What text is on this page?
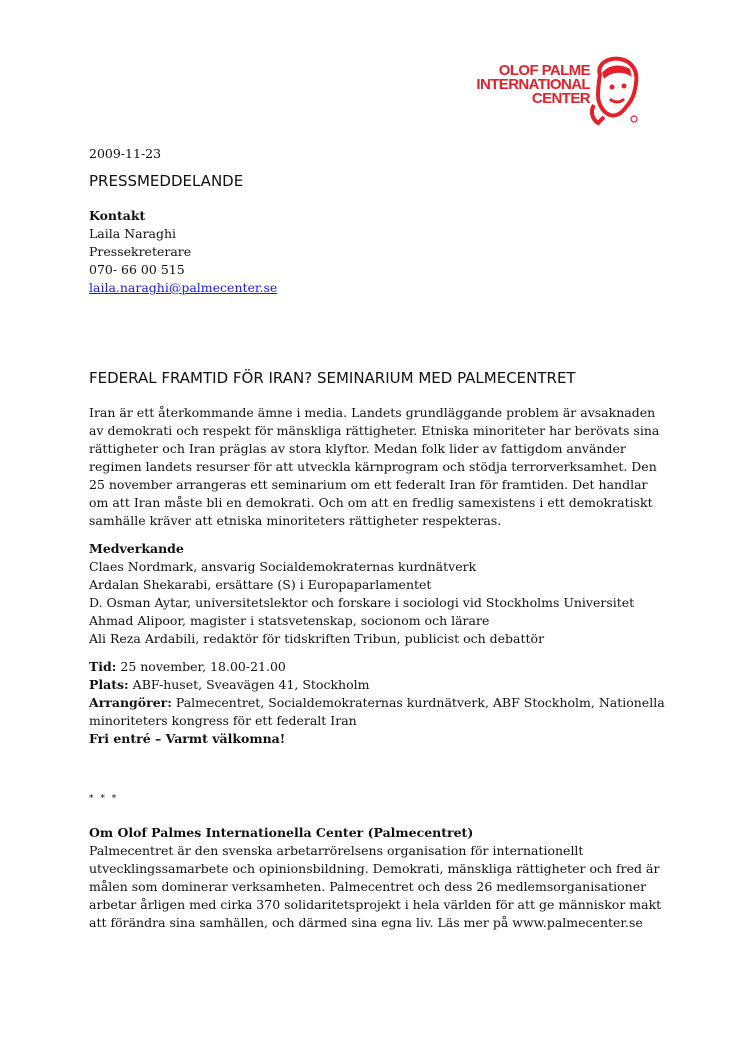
OLOF PALME
INTERNATIONAL
CENTER
2009-11-23
PRESSMEDDELANDE
Kontakt
Laila Naraghi
Pressekreterare
070- 66 00 515
laila.naraghi@palmecenter.se
FEDERAL FRAMTID FÖR IRAN? SEMINARIUM MED PALMECENTRET

Iran är ett återkommande ämne i media. Landets grundläggande problem är avsaknaden av demokrati och respekt för mänskliga rättigheter. Etniska minoriteter har berövats sina rättigheter och Iran präglas av stora klyftor. Medan folk lider av fattigdom använder regimen landets resurser för att utveckla kärnprogram och stödja terrorverksamhet. Den 25 november arrangeras ett seminarium om ett federalt Iran för framtiden. Det handlar om att Iran måste bli en demokrati. Och om att en fredlig samexistens i ett demokratiskt samhälle kräver att etniska minoriteters rättigheter respekteras.

Medverkande
Claes Nordmark, ansvarig Socialdemokraternas kurdnätverk
Ardalan Shekarabi, ersättare (S) i Europaparlamentet
D. Osman Aytar, universitetslektor och forskare i sociologi vid Stockholms Universitet
Ahmad Alipoor, magister i statsvetenskap, socionom och lärare
Ali Reza Ardabili, redaktör för tidskriften Tribun, publicist och debattör
Tid: 25 november, 18.00-21.00
Plats: ABF-huset, Sveavägen 41, Stockholm
Arrangörer: Palmecentret, Socialdemokraternas kurdnätverk, ABF Stockholm, Nationella minoriteters kongress för ett federalt Iran
Fri entré – Varmt välkomna!
* * *
Om Olof Palmes Internationella Center (Palmecentret)

Palmecentret är den svenska arbetarrörelsens organisation för internationellt utvecklingssamarbete och opinionsbildning. Demokrati, mänskliga rättigheter och fred är målen som dominerar verksamheten. Palmecentret och dess 26 medlemsorganisationer arbetar årligen med cirka 370 solidaritetsprojekt i hela världen för att ge människor makt att förändra sina samhällen, och därmed sina egna liv. Läs mer på www.palmecenter.se
